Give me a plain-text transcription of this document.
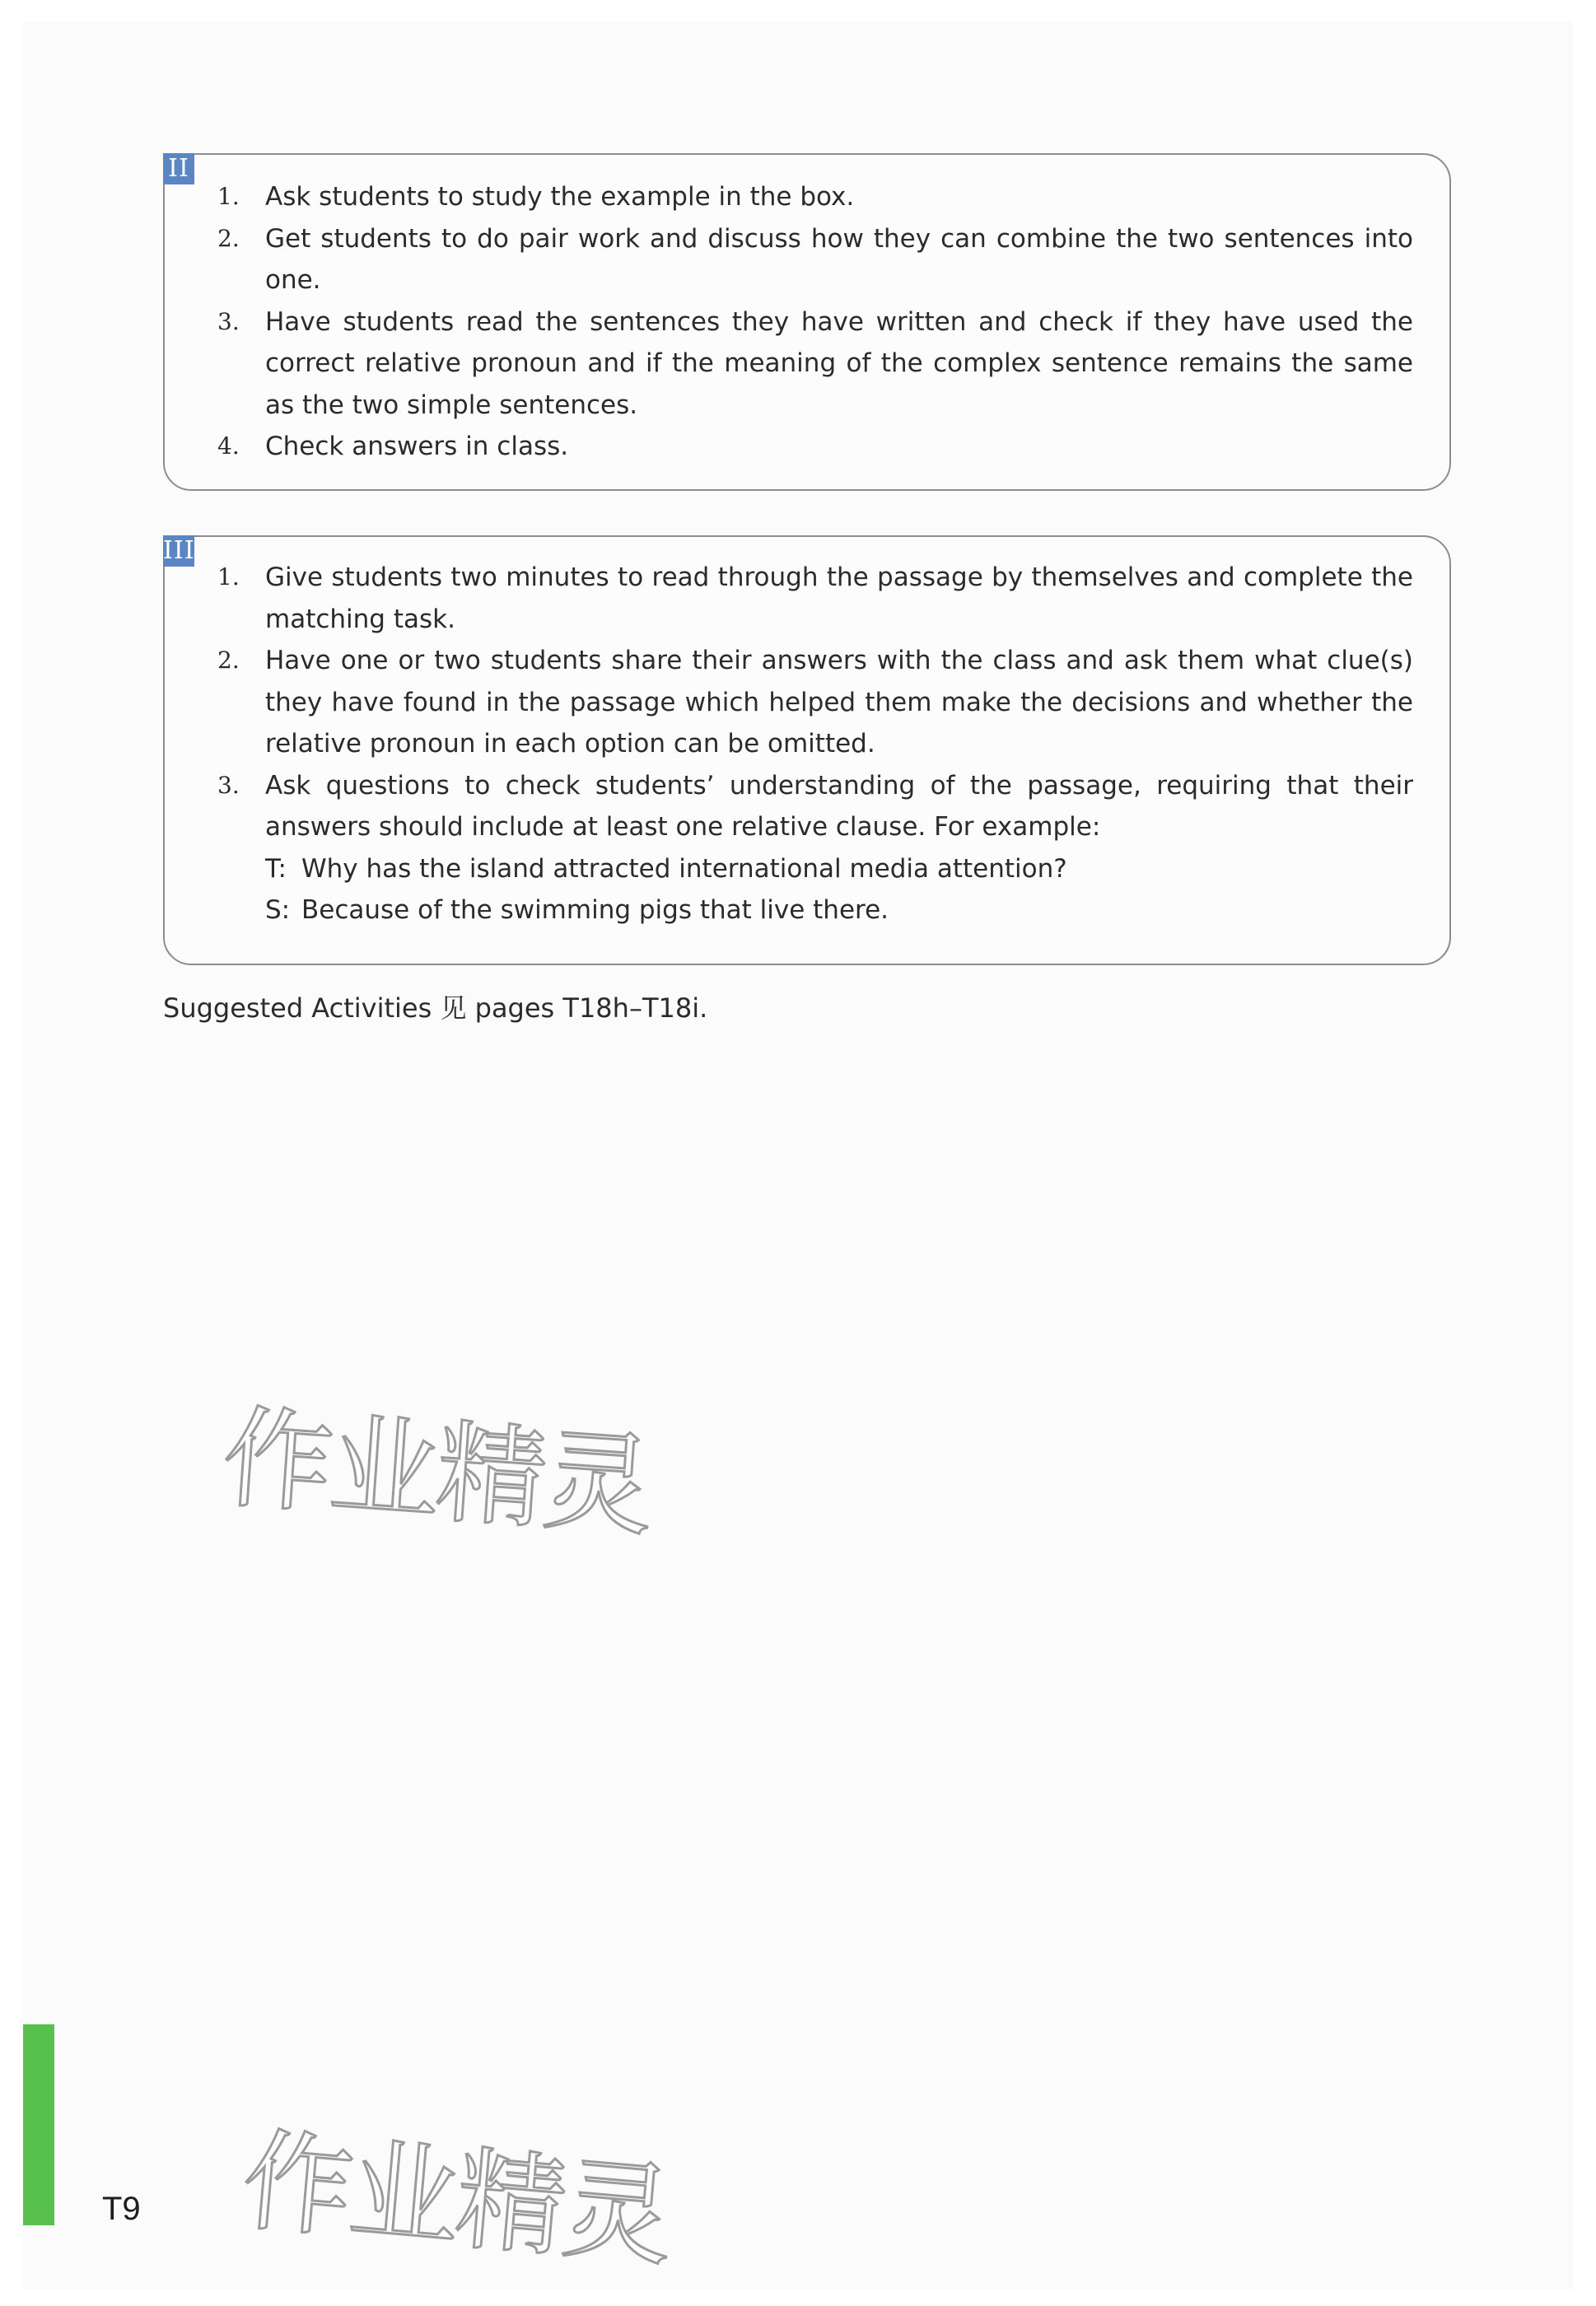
II
1. Ask students to study the example in the box.
2. Get students to do pair work and discuss how they can combine the two sentences into one.
3. Have students read the sentences they have written and check if they have used the correct relative pronoun and if the meaning of the complex sentence remains the same as the two simple sentences.
4. Check answers in class.
III
1. Give students two minutes to read through the passage by themselves and complete the matching task.
2. Have one or two students share their answers with the class and ask them what clue(s) they have found in the passage which helped them make the decisions and whether the relative pronoun in each option can be omitted.
3. Ask questions to check students’ understanding of the passage, requiring that their answers should include at least one relative clause. For example:
T: Why has the island attracted international media attention?
S: Because of the swimming pigs that live there.
Suggested Activities 见 pages T18h–T18i.
作业精灵
作业精灵
T9
